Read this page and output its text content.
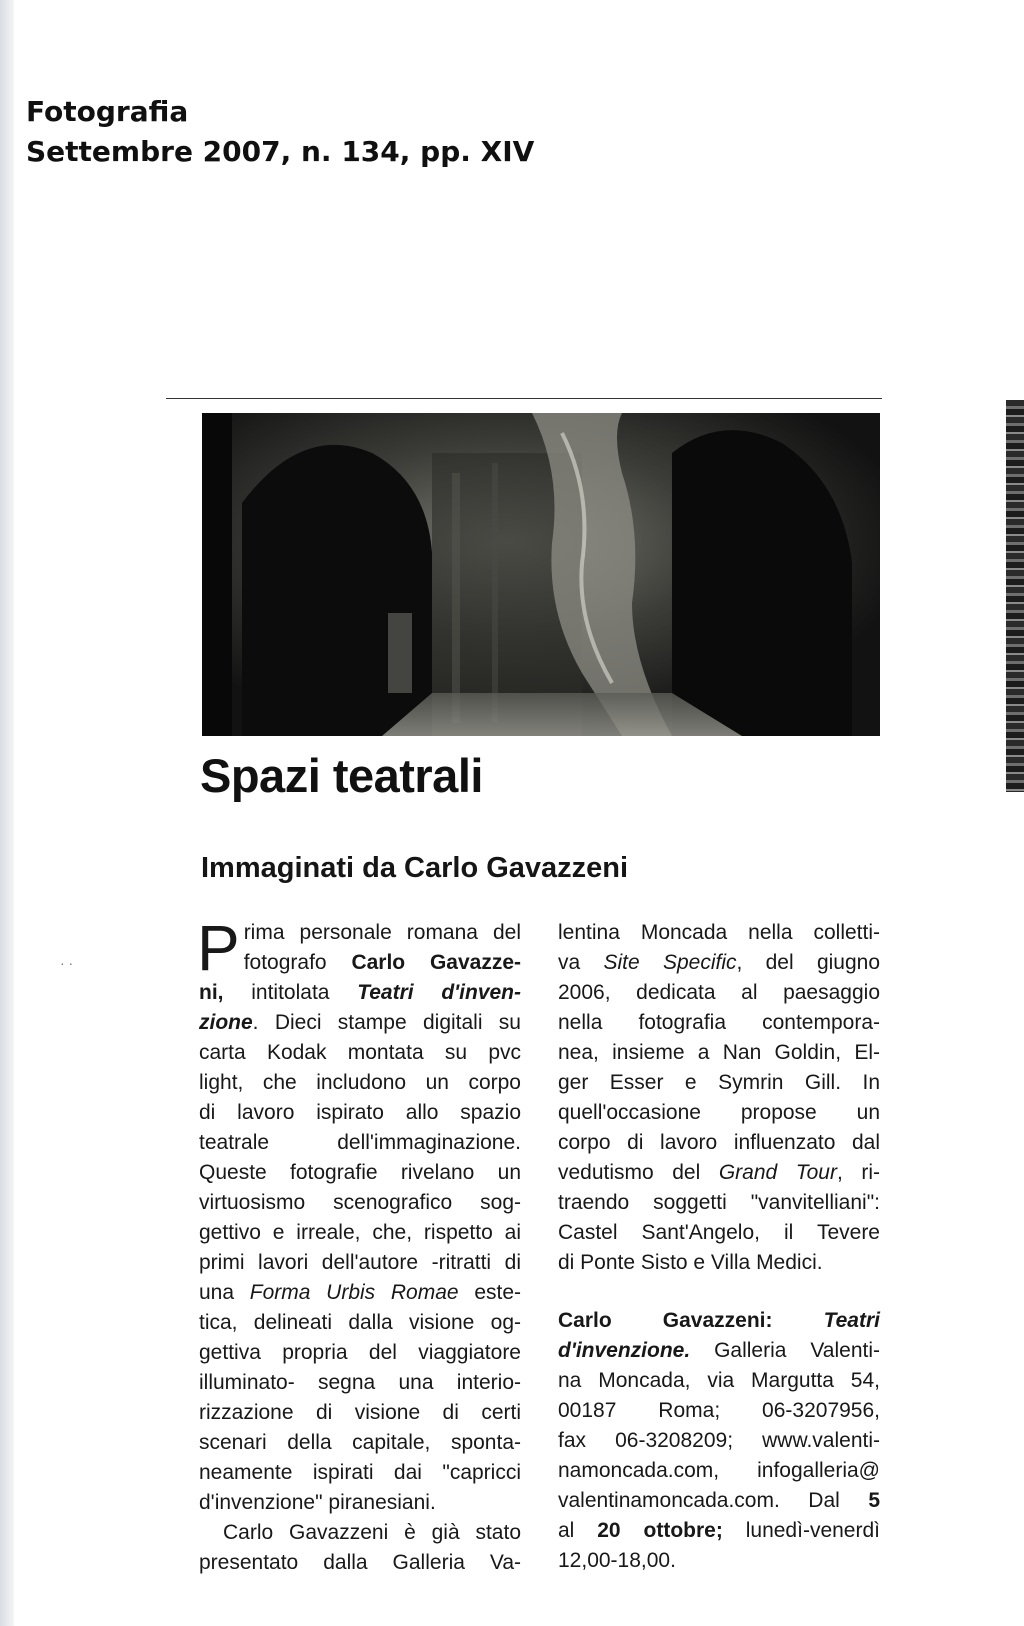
Fotografia
Settembre 2007, n. 134, pp. XIV
Spazi teatrali
Immaginati da Carlo Gavazzeni
· ·	Prima personale romana del
fotografo Carlo Gavazze-
ni, intitolata Teatri d'inven-
zione. Dieci stampe digitali su
carta Kodak montata su pvc
light, che includono un corpo
di lavoro ispirato allo spazio
teatrale dell'immaginazione.
Queste fotografie rivelano un
virtuosismo scenografico sog-
gettivo e irreale, che, rispetto ai
primi lavori dell'autore -ritratti di
una Forma Urbis Romae este-
tica, delineati dalla visione og-
gettiva propria del viaggiatore
illuminato- segna una interio-
rizzazione di visione di certi
scenari della capitale, sponta-
neamente ispirati dai "capricci
d'invenzione" piranesiani.
Carlo Gavazzeni è già stato
presentato dalla Galleria Va-
lentina Moncada nella colletti-
va Site Specific, del giugno
2006, dedicata al paesaggio
nella fotografia contempora-
nea, insieme a Nan Goldin, El-
ger Esser e Symrin Gill. In
quell'occasione propose un
corpo di lavoro influenzato dal
vedutismo del Grand Tour, ri-
traendo soggetti "vanvitelliani":
Castel Sant'Angelo, il Tevere
di Ponte Sisto e Villa Medici.
Carlo Gavazzeni: Teatri
d'invenzione. Galleria Valenti-
na Moncada, via Margutta 54,
00187 Roma; 06-3207956,
fax 06-3208209; www.valenti-
namoncada.com, infogalleria@
valentinamoncada.com. Dal 5
al 20 ottobre; lunedì-venerdì
12,00-18,00.
